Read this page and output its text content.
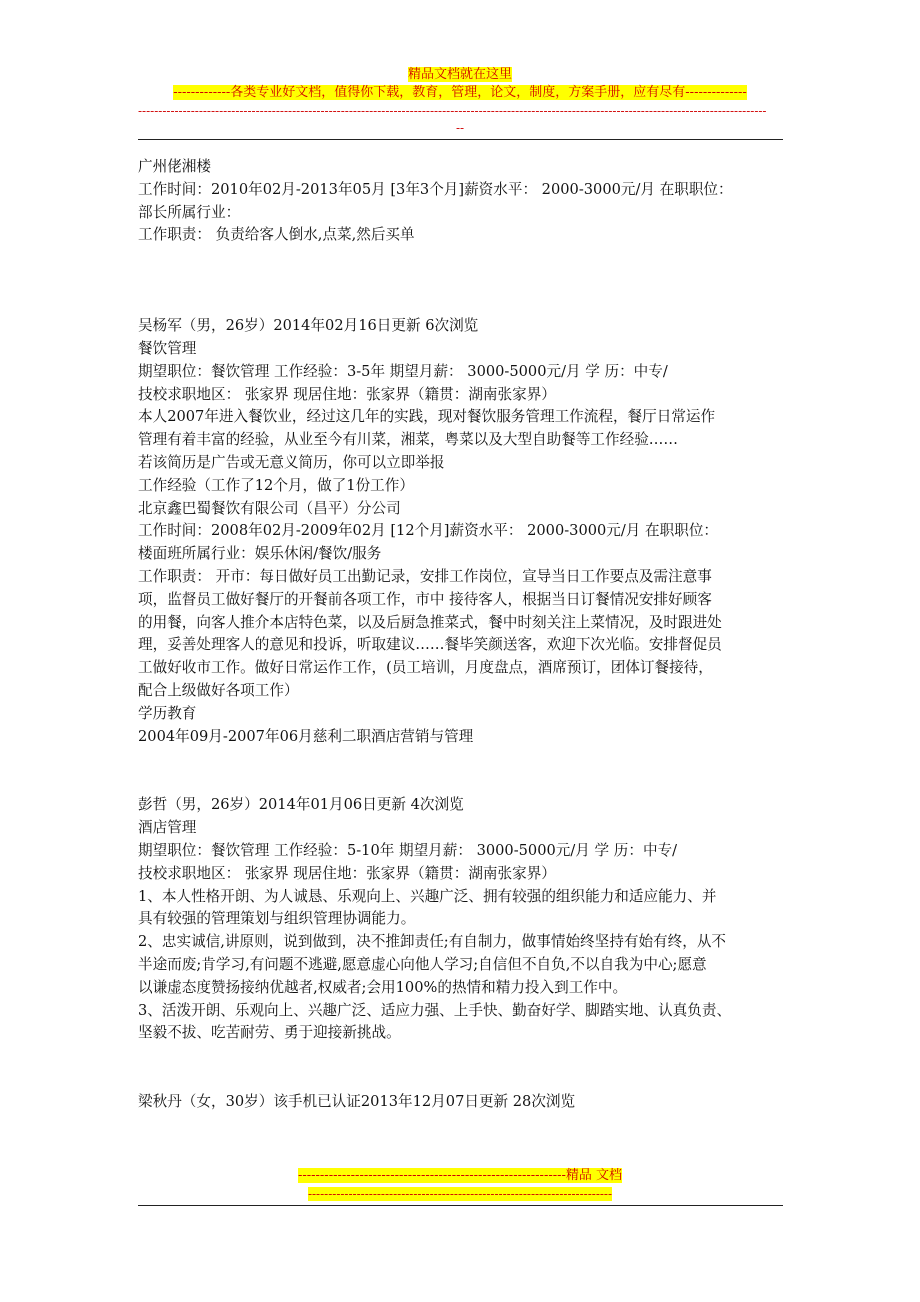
精品文档就在这里
-------------各类专业好文档，值得你下载，教育，管理，论文，制度，方案手册，应有尽有--------------
-----------------------------------------------------------------------------------------------------------------------------------------------------------
--

广州佬湘楼

工作时间：2010年02月-2013年05月 [3年3个月]薪资水平： 2000-3000元/月 在职职位：

部长所属行业：

工作职责： 负责给客人倒水,点菜,然后买单

吴杨军（男，26岁）2014年02月16日更新 6次浏览

餐饮管理

期望职位：餐饮管理 工作经验：3-5年 期望月薪： 3000-5000元/月 学 历：中专/

技校求职地区： 张家界 现居住地：张家界（籍贯：湖南张家界）

本人2007年进入餐饮业，经过这几年的实践，现对餐饮服务管理工作流程，餐厅日常运作

管理有着丰富的经验，从业至今有川菜，湘菜，粤菜以及大型自助餐等工作经验……

若该简历是广告或无意义简历，你可以立即举报

工作经验（工作了12个月，做了1份工作）

北京鑫巴蜀餐饮有限公司（昌平）分公司

工作时间：2008年02月-2009年02月 [12个月]薪资水平： 2000-3000元/月 在职职位：

楼面班所属行业：娱乐休闲/餐饮/服务

工作职责： 开市：每日做好员工出勤记录，安排工作岗位，宣导当日工作要点及需注意事

项，监督员工做好餐厅的开餐前各项工作，市中 接待客人，根据当日订餐情况安排好顾客

的用餐，向客人推介本店特色菜，以及后厨急推菜式，餐中时刻关注上菜情况，及时跟进处

理，妥善处理客人的意见和投诉，听取建议……餐毕笑颜送客，欢迎下次光临。安排督促员

工做好收市工作。做好日常运作工作，(员工培训，月度盘点，酒席预订，团体订餐接待，

配合上级做好各项工作）

学历教育

2004年09月-2007年06月慈利二职酒店营销与管理

彭哲（男，26岁）2014年01月06日更新 4次浏览

酒店管理

期望职位：餐饮管理 工作经验：5-10年 期望月薪： 3000-5000元/月 学 历：中专/

技校求职地区： 张家界 现居住地：张家界（籍贯：湖南张家界）

1、本人性格开朗、为人诚恳、乐观向上、兴趣广泛、拥有较强的组织能力和适应能力、并

具有较强的管理策划与组织管理协调能力。

2、忠实诚信,讲原则，说到做到，决不推卸责任;有自制力，做事情始终坚持有始有终，从不

半途而废;肯学习,有问题不逃避,愿意虚心向他人学习;自信但不自负,不以自我为中心;愿意

以谦虚态度赞扬接纳优越者,权威者;会用100%的热情和精力投入到工作中。

3、活泼开朗、乐观向上、兴趣广泛、适应力强、上手快、勤奋好学、脚踏实地、认真负责、

坚毅不拔、吃苦耐劳、勇于迎接新挑战。

梁秋丹（女，30岁）该手机已认证2013年12月07日更新 28次浏览

-------------------------------------------------------------精品 文档
---------------------------------------------------------------------------
